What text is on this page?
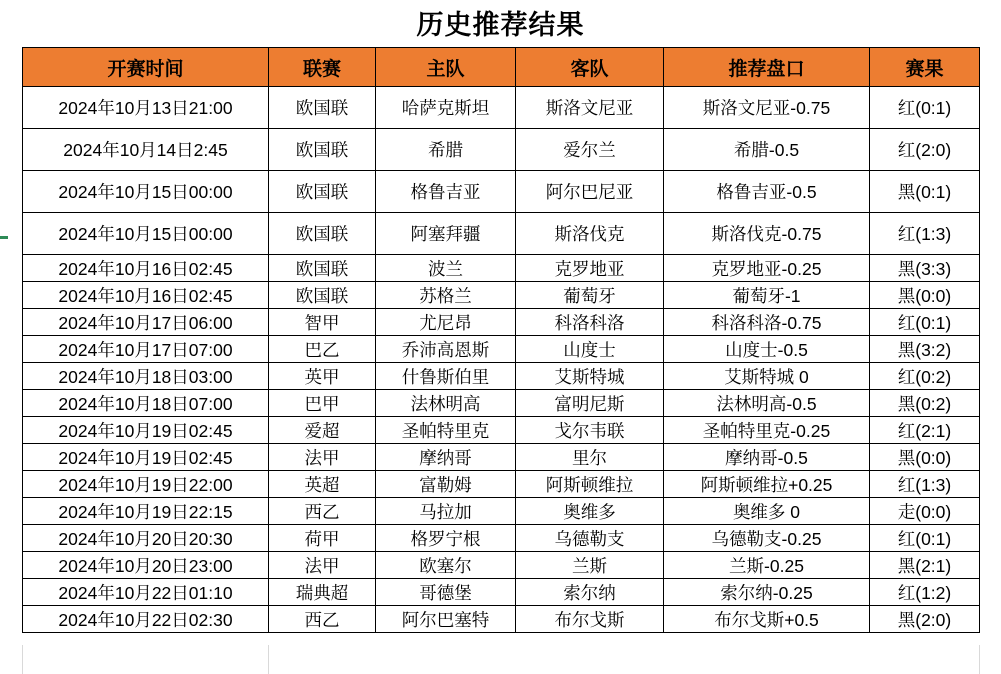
历史推荐结果
开赛时间	联赛	主队	客队	推荐盘口	赛果
2024年10月13日21:00	欧国联	哈萨克斯坦	斯洛文尼亚	斯洛文尼亚-0.75	红(0:1)
2024年10月14日2:45	欧国联	希腊	爱尔兰	希腊-0.5	红(2:0)
2024年10月15日00:00	欧国联	格鲁吉亚	阿尔巴尼亚	格鲁吉亚-0.5	黑(0:1)
2024年10月15日00:00	欧国联	阿塞拜疆	斯洛伐克	斯洛伐克-0.75	红(1:3)
2024年10月16日02:45	欧国联	波兰	克罗地亚	克罗地亚-0.25	黑(3:3)
2024年10月16日02:45	欧国联	苏格兰	葡萄牙	葡萄牙-1	黑(0:0)
2024年10月17日06:00	智甲	尤尼昂	科洛科洛	科洛科洛-0.75	红(0:1)
2024年10月17日07:00	巴乙	乔沛高恩斯	山度士	山度士-0.5	黑(3:2)
2024年10月18日03:00	英甲	什鲁斯伯里	艾斯特城	艾斯特城 0	红(0:2)
2024年10月18日07:00	巴甲	法林明高	富明尼斯	法林明高-0.5	黑(0:2)
2024年10月19日02:45	爱超	圣帕特里克	戈尔韦联	圣帕特里克-0.25	红(2:1)
2024年10月19日02:45	法甲	摩纳哥	里尔	摩纳哥-0.5	黑(0:0)
2024年10月19日22:00	英超	富勒姆	阿斯顿维拉	阿斯顿维拉+0.25	红(1:3)
2024年10月19日22:15	西乙	马拉加	奥维多	奥维多 0	走(0:0)
2024年10月20日20:30	荷甲	格罗宁根	乌德勒支	乌德勒支-0.25	红(0:1)
2024年10月20日23:00	法甲	欧塞尔	兰斯	兰斯-0.25	黑(2:1)
2024年10月22日01:10	瑞典超	哥德堡	索尔纳	索尔纳-0.25	红(1:2)
2024年10月22日02:30	西乙	阿尔巴塞特	布尔戈斯	布尔戈斯+0.5	黑(2:0)
